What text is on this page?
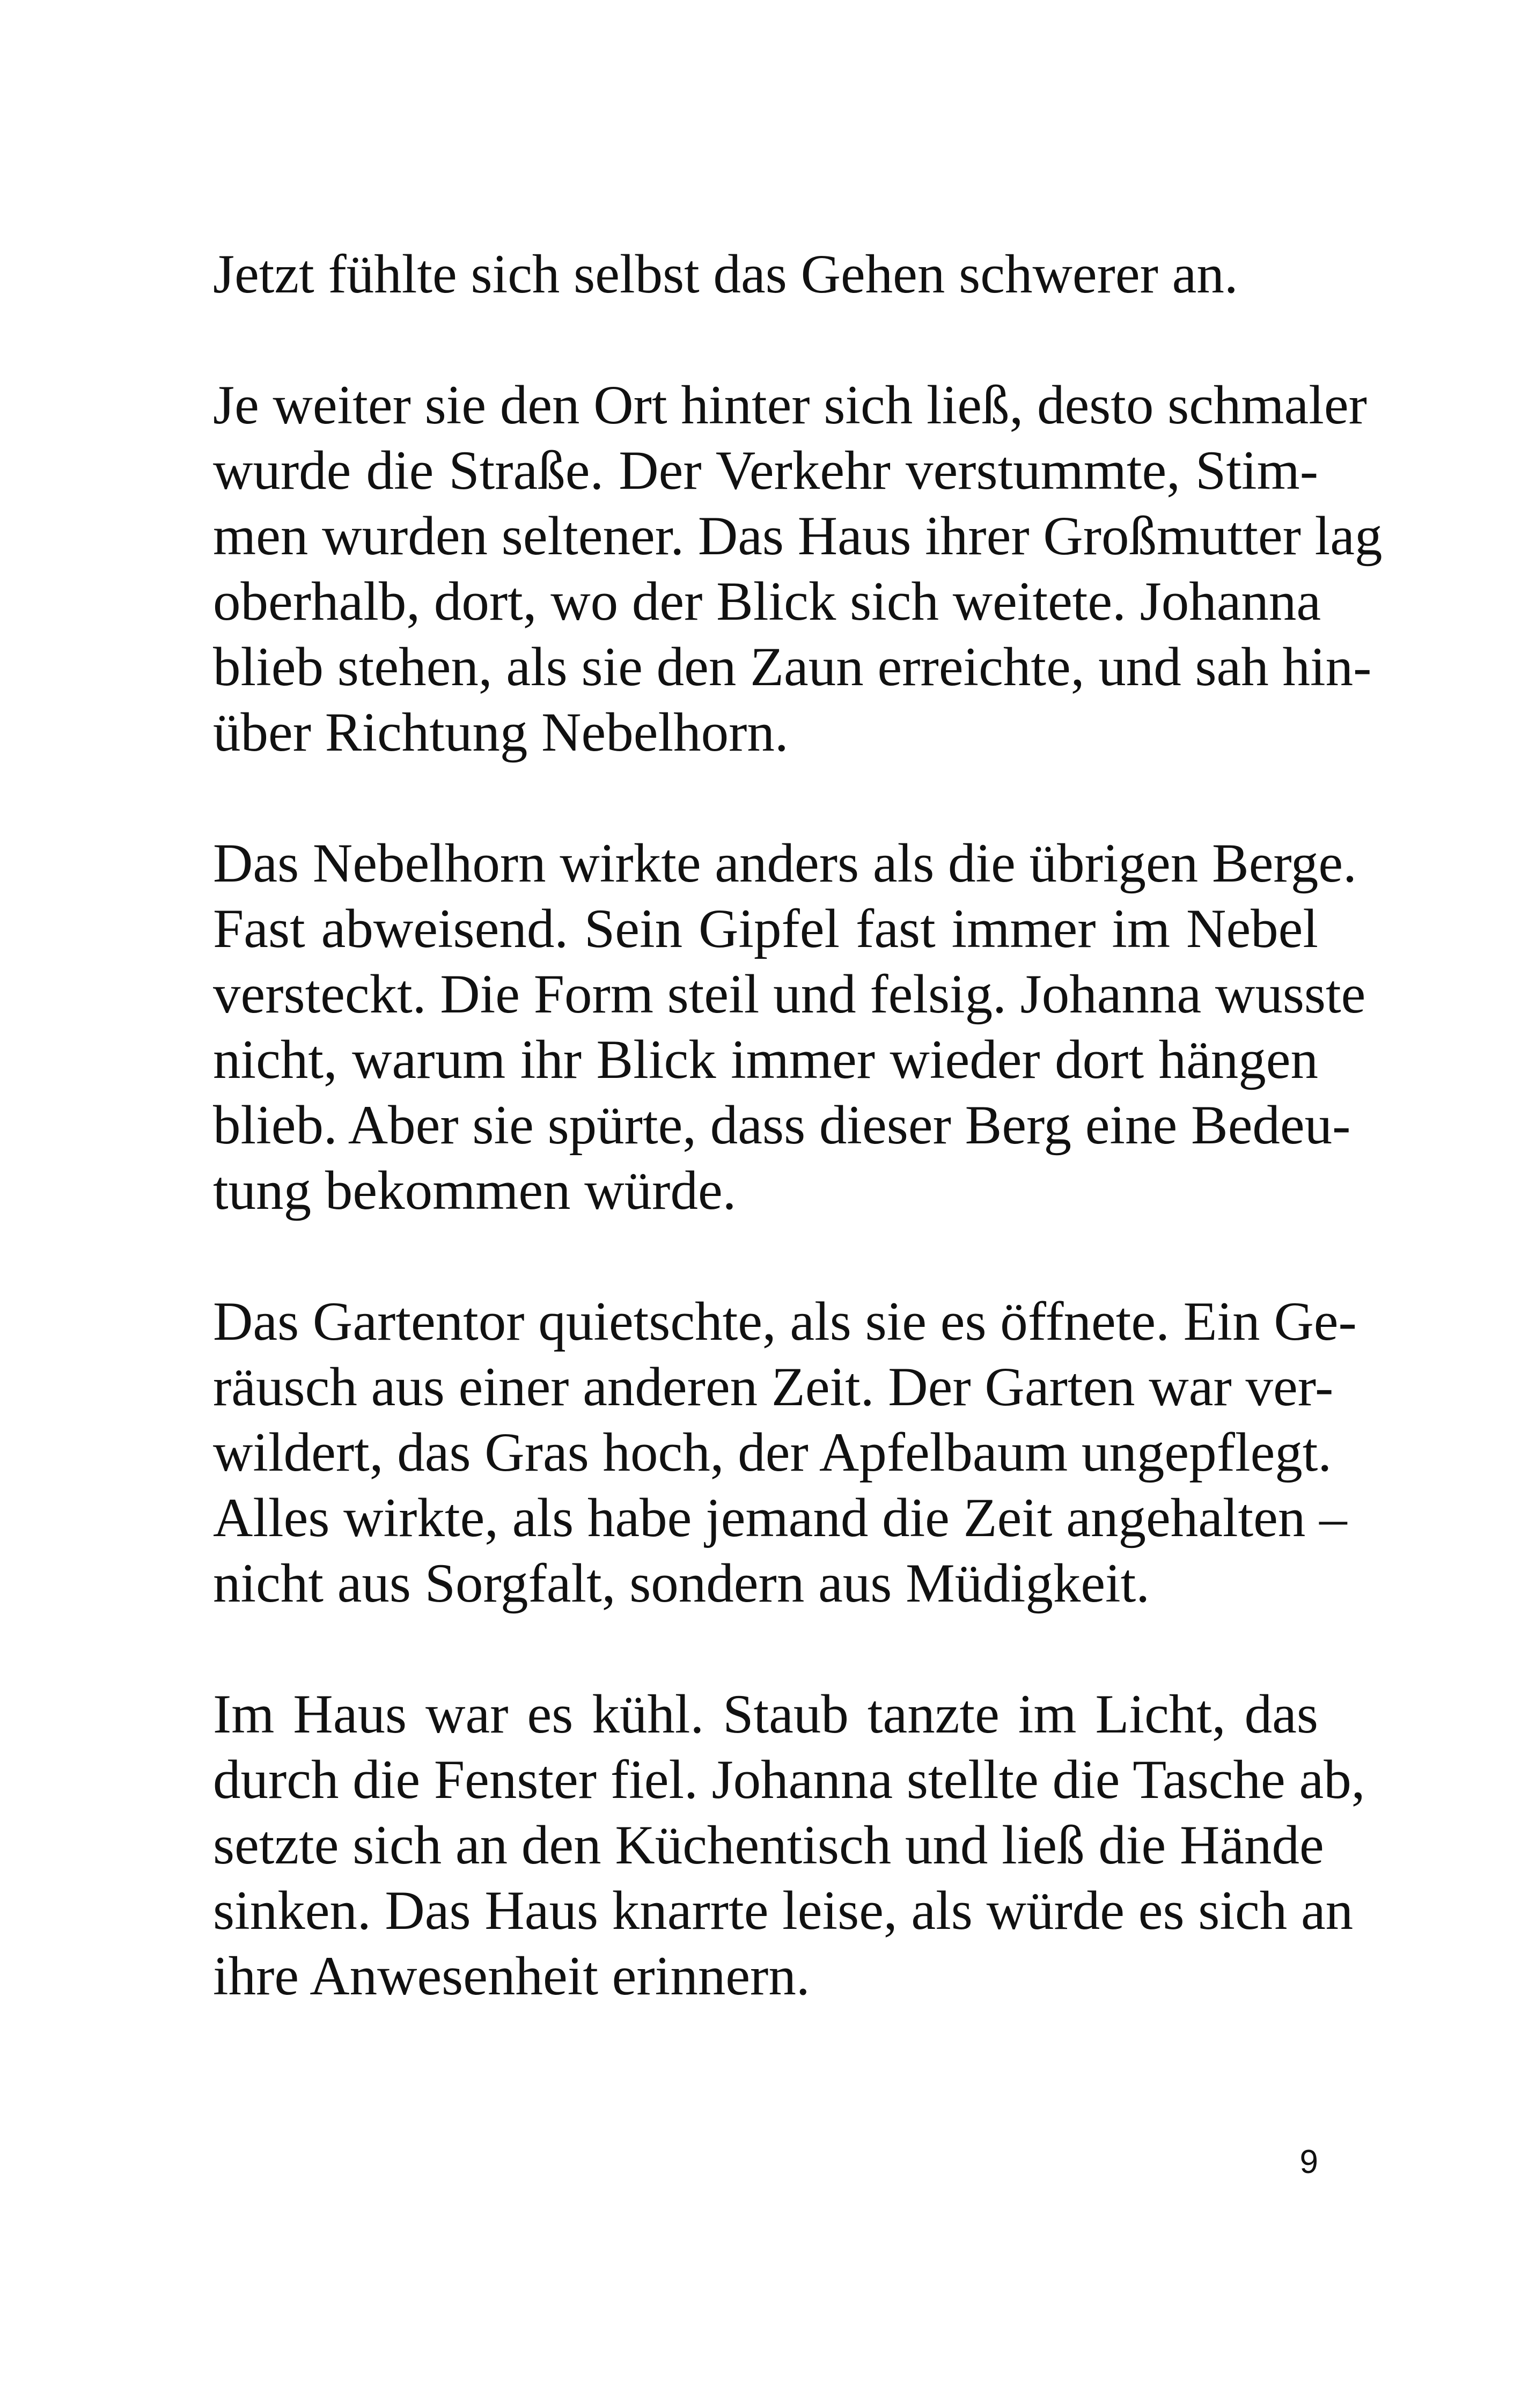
Jetzt fühlte sich selbst das Gehen schwerer an.

Je weiter sie den Ort hinter sich ließ, desto schmaler
wurde die Straße. Der Verkehr verstummte, Stim-
men wurden seltener. Das Haus ihrer Großmutter lag
oberhalb, dort, wo der Blick sich weitete. Johanna
blieb stehen, als sie den Zaun erreichte, und sah hin-
über Richtung Nebelhorn.

Das Nebelhorn wirkte anders als die übrigen Berge.
Fast abweisend. Sein Gipfel fast immer im Nebel
versteckt. Die Form steil und felsig. Johanna wusste
nicht, warum ihr Blick immer wieder dort hängen
blieb. Aber sie spürte, dass dieser Berg eine Bedeu-
tung bekommen würde.

Das Gartentor quietschte, als sie es öffnete. Ein Ge-
räusch aus einer anderen Zeit. Der Garten war ver-
wildert, das Gras hoch, der Apfelbaum ungepflegt.
Alles wirkte, als habe jemand die Zeit angehalten –
nicht aus Sorgfalt, sondern aus Müdigkeit.

Im Haus war es kühl. Staub tanzte im Licht, das
durch die Fenster fiel. Johanna stellte die Tasche ab,
setzte sich an den Küchentisch und ließ die Hände
sinken. Das Haus knarrte leise, als würde es sich an
ihre Anwesenheit erinnern.

9
